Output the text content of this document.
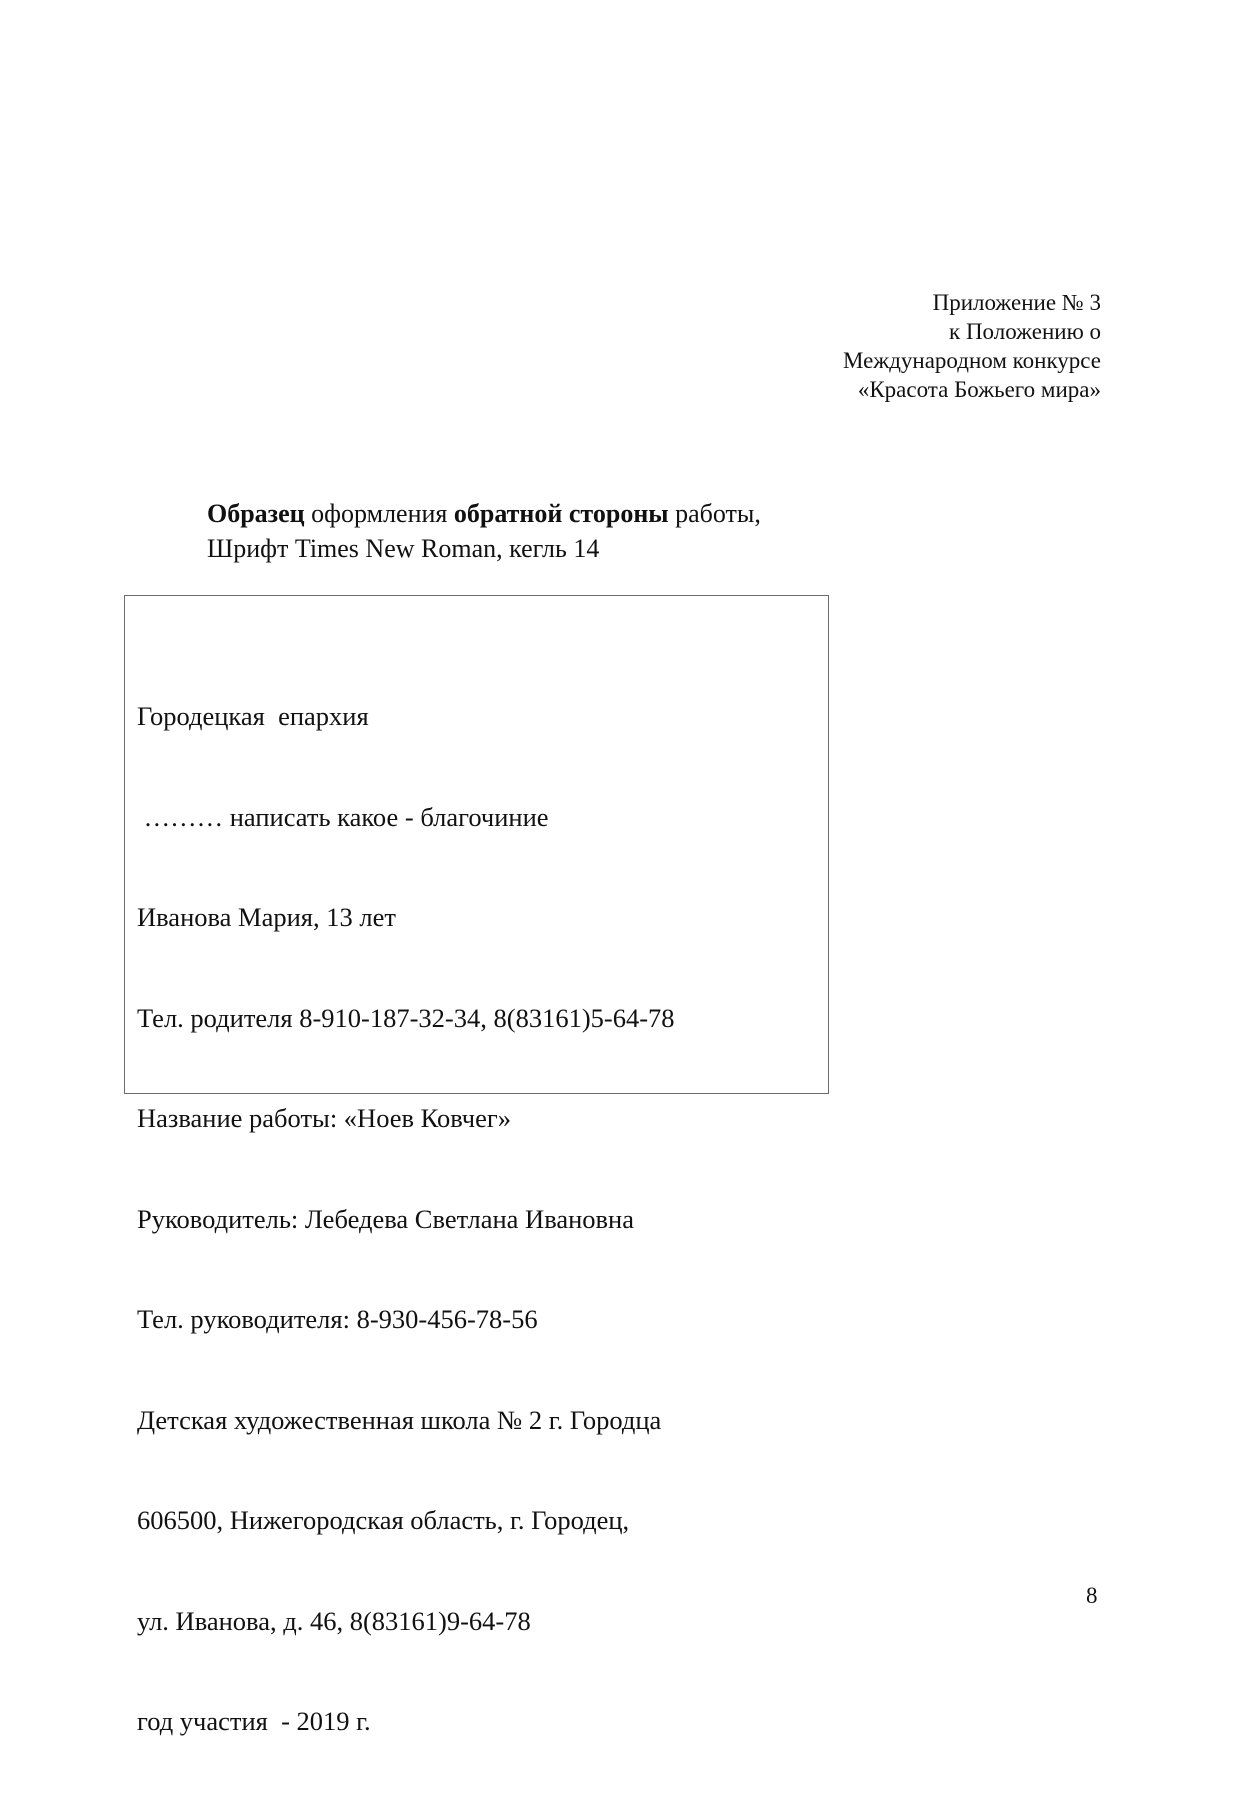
Приложение № 3
к Положению о
Международном конкурсе
«Красота Божьего мира»
Образец оформления обратной стороны работы,
Шрифт Times New Roman, кегль 14

Городецкая  епархия

……… написать какое - благочиние

Иванова Мария, 13 лет

Тел. родителя 8-910-187-32-34, 8(83161)5-64-78

Название работы: «Ноев Ковчег»

Руководитель: Лебедева Светлана Ивановна

Тел. руководителя: 8-930-456-78-56

Детская художественная школа № 2 г. Городца

606500, Нижегородская область, г. Городец,

ул. Иванова, д. 46, 8(83161)9-64-78

год участия  - 2019 г.

8
